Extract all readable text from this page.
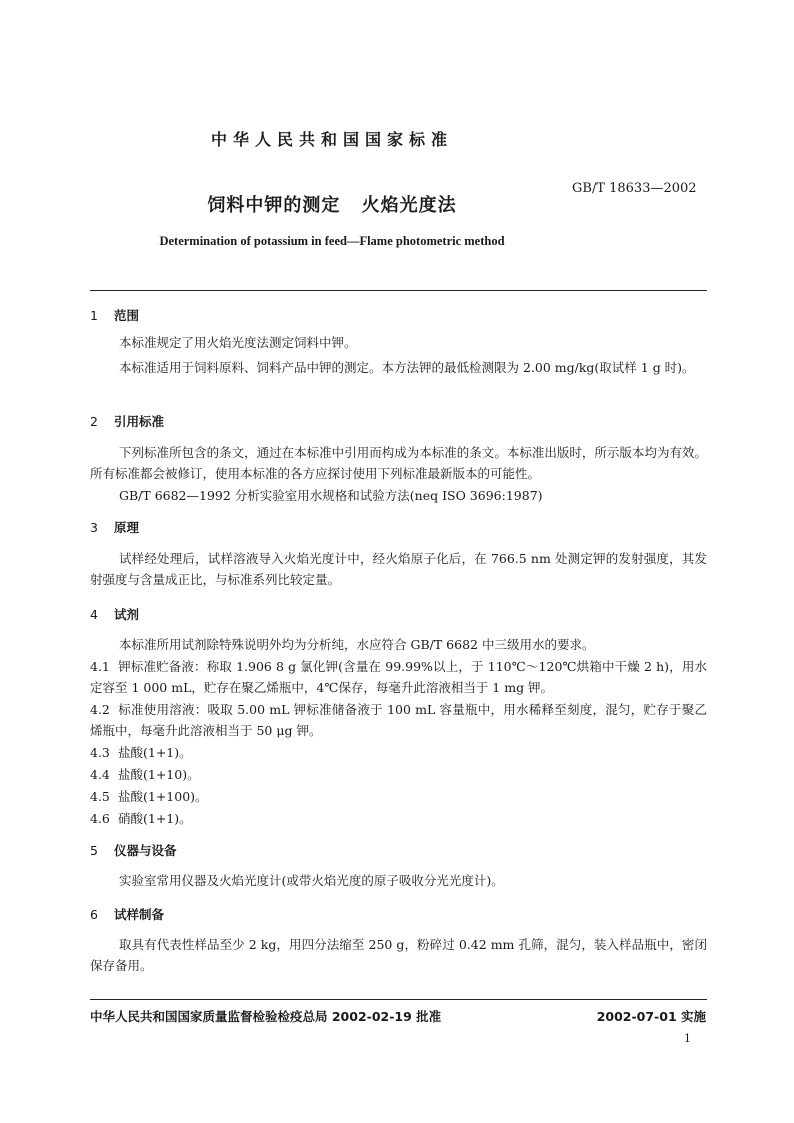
中华人民共和国国家标准
GB/T 18633—2002
饲料中钾的测定 火焰光度法
Determination of potassium in feed—Flame photometric method
1 范围
本标准规定了用火焰光度法测定饲料中钾。
本标准适用于饲料原料、饲料产品中钾的测定。本方法钾的最低检测限为 2.00 mg/kg(取试样 1 g 时)。
2 引用标准
下列标准所包含的条文，通过在本标准中引用而构成为本标准的条文。本标准出版时，所示版本均为有效。所有标准都会被修订，使用本标准的各方应探讨使用下列标准最新版本的可能性。
GB/T 6682—1992 分析实验室用水规格和试验方法(neq ISO 3696:1987)
3 原理
试样经处理后，试样溶液导入火焰光度计中，经火焰原子化后，在 766.5 nm 处测定钾的发射强度，其发射强度与含量成正比，与标准系列比较定量。
4 试剂
本标准所用试剂除特殊说明外均为分析纯，水应符合 GB/T 6682 中三级用水的要求。
4.1 钾标准贮备液：称取 1.906 8 g 氯化钾(含量在 99.99%以上，于 110℃～120℃烘箱中干燥 2 h)，用水定容至 1 000 mL，贮存在聚乙烯瓶中，4℃保存，每毫升此溶液相当于 1 mg 钾。
4.2 标准使用溶液：吸取 5.00 mL 钾标准储备液于 100 mL 容量瓶中，用水稀释至刻度，混匀，贮存于聚乙烯瓶中，每毫升此溶液相当于 50 μg 钾。
4.3 盐酸(1+1)。
4.4 盐酸(1+10)。
4.5 盐酸(1+100)。
4.6 硝酸(1+1)。
5 仪器与设备
实验室常用仪器及火焰光度计(或带火焰光度的原子吸收分光光度计)。
6 试样制备
取具有代表性样品至少 2 kg，用四分法缩至 250 g，粉碎过 0.42 mm 孔筛，混匀，装入样品瓶中，密闭保存备用。
中华人民共和国国家质量监督检验检疫总局 2002-02-19 批准	2002-07-01 实施
1
